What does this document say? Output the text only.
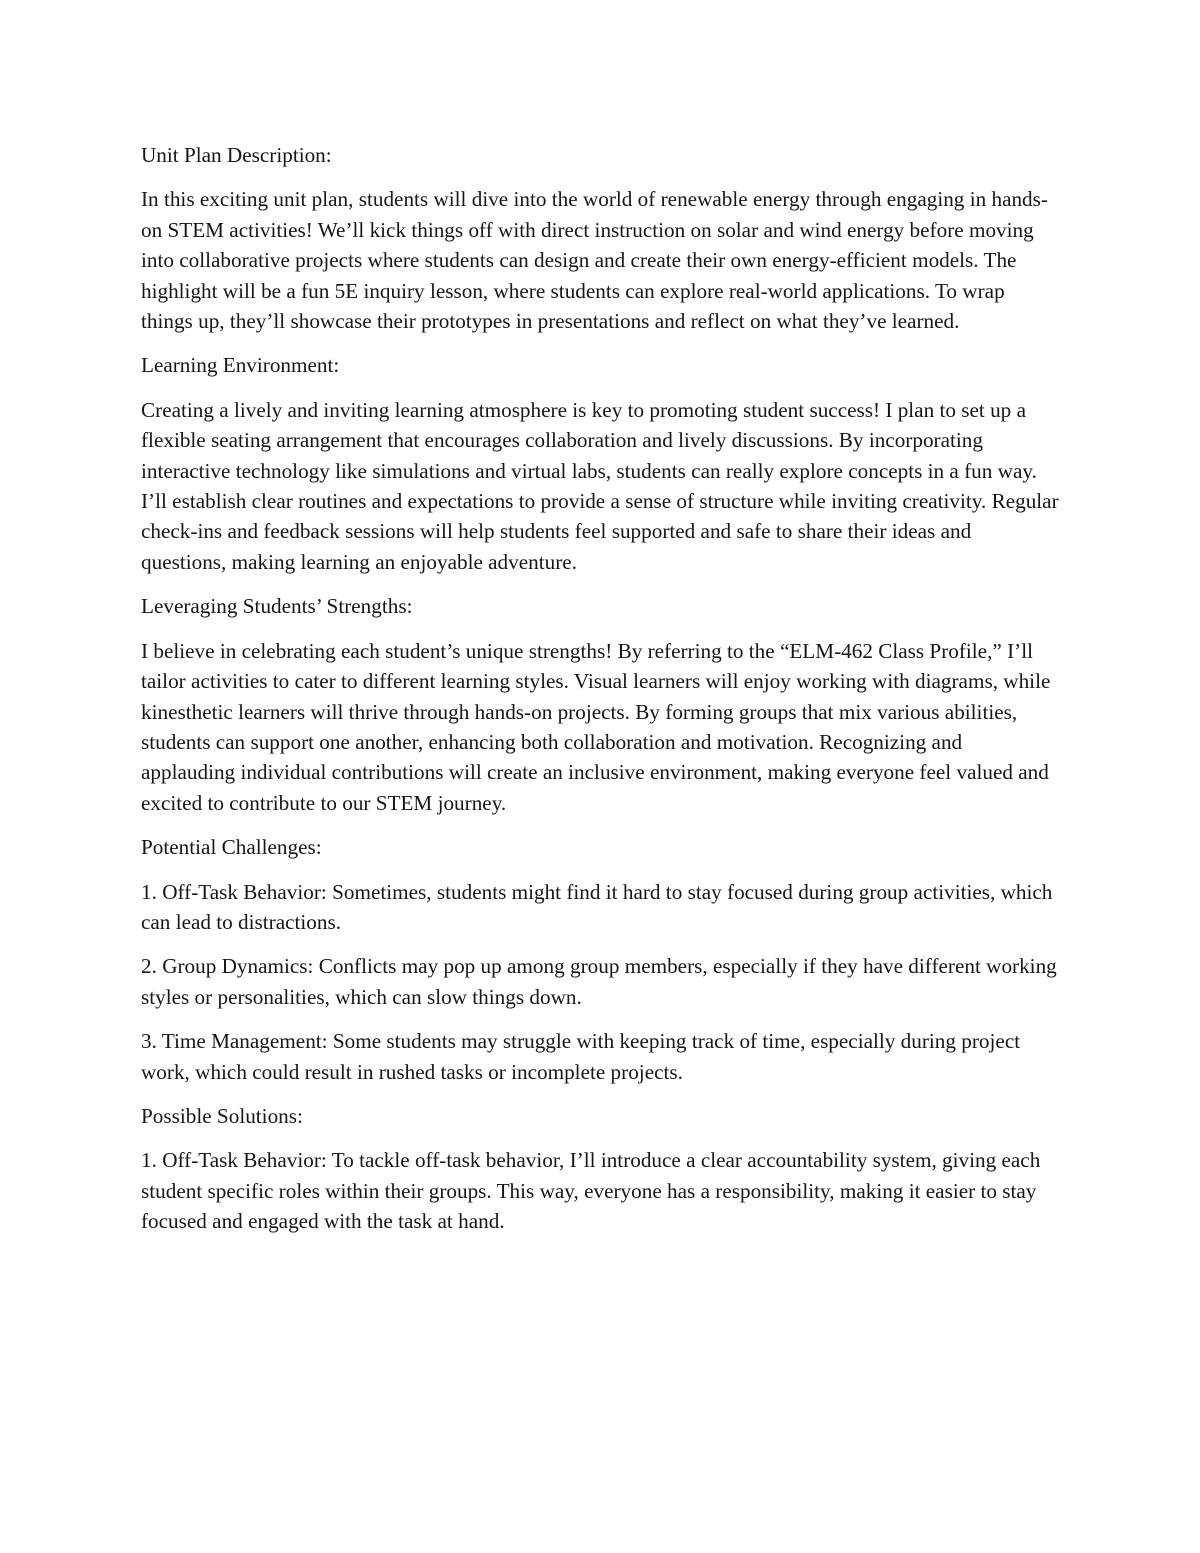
Unit Plan Description:

In this exciting unit plan, students will dive into the world of renewable energy through engaging in hands-on STEM activities! We’ll kick things off with direct instruction on solar and wind energy before moving into collaborative projects where students can design and create their own energy-efficient models. The highlight will be a fun 5E inquiry lesson, where students can explore real-world applications. To wrap things up, they’ll showcase their prototypes in presentations and reflect on what they’ve learned.

Learning Environment:

Creating a lively and inviting learning atmosphere is key to promoting student success! I plan to set up a flexible seating arrangement that encourages collaboration and lively discussions. By incorporating interactive technology like simulations and virtual labs, students can really explore concepts in a fun way. I’ll establish clear routines and expectations to provide a sense of structure while inviting creativity. Regular check-ins and feedback sessions will help students feel supported and safe to share their ideas and questions, making learning an enjoyable adventure.

Leveraging Students’ Strengths:

I believe in celebrating each student’s unique strengths! By referring to the “ELM-462 Class Profile,” I’ll tailor activities to cater to different learning styles. Visual learners will enjoy working with diagrams, while kinesthetic learners will thrive through hands-on projects. By forming groups that mix various abilities, students can support one another, enhancing both collaboration and motivation. Recognizing and applauding individual contributions will create an inclusive environment, making everyone feel valued and excited to contribute to our STEM journey.

Potential Challenges:

1. Off-Task Behavior: Sometimes, students might find it hard to stay focused during group activities, which can lead to distractions.

2. Group Dynamics: Conflicts may pop up among group members, especially if they have different working styles or personalities, which can slow things down.

3. Time Management: Some students may struggle with keeping track of time, especially during project work, which could result in rushed tasks or incomplete projects.

Possible Solutions:

1. Off-Task Behavior: To tackle off-task behavior, I’ll introduce a clear accountability system, giving each student specific roles within their groups. This way, everyone has a responsibility, making it easier to stay focused and engaged with the task at hand.
